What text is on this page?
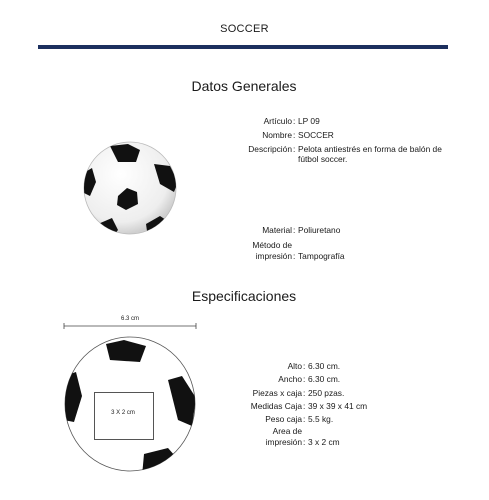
SOCCER
Datos Generales
Artículo : LP 09
Nombre : SOCCER
Descripción : Pelota antiestrés en forma de balón de fútbol soccer.
Material : Poliuretano
Método de
impresión : Tampografía
Especificaciones
6.3 cm
3 X 2 cm
Alto : 6.30 cm.
Ancho : 6.30 cm.
Piezas x caja : 250 pzas.
Medidas Caja : 39 x 39 x 41 cm
Peso caja : 5.5 kg.
Area de
impresión : 3 x 2 cm
